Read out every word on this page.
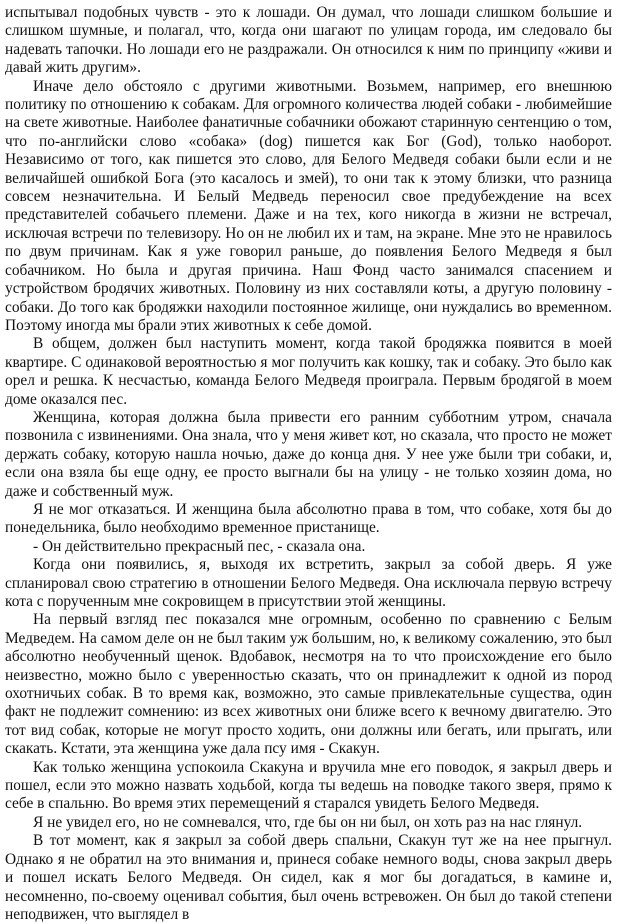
испытывал подобных чувств - это к лошади. Он думал, что лошади слишком большие и слишком шумные, и полагал, что, когда они шагают по улицам города, им следовало бы надевать тапочки. Но лошади его не раздражали. Он относился к ним по принципу «живи и давай жить другим».

Иначе дело обстояло с другими животными. Возьмем, например, его внешнюю политику по отношению к собакам. Для огромного количества людей собаки - любимейшие на свете животные. Наиболее фанатичные собачники обожают старинную сентенцию о том, что по-английски слово «собака» (dog) пишется как Бог (God), только наоборот. Независимо от того, как пишется это слово, для Белого Медведя собаки были если и не величайшей ошибкой Бога (это касалось и змей), то они так к этому близки, что разница совсем незначительна. И Белый Медведь переносил свое предубеждение на всех представителей собачьего племени. Даже и на тех, кого никогда в жизни не встречал, исключая встречи по телевизору. Но он не любил их и там, на экране. Мне это не нравилось по двум причинам. Как я уже говорил раньше, до появления Белого Медведя я был собачником. Но была и другая причина. Наш Фонд часто занимался спасением и устройством бродячих животных. Половину из них составляли коты, а другую половину - собаки. До того как бродяжки находили постоянное жилище, они нуждались во временном. Поэтому иногда мы брали этих животных к себе домой.

В общем, должен был наступить момент, когда такой бродяжка появится в моей квартире. С одинаковой вероятностью я мог получить как кошку, так и собаку. Это было как орел и решка. К несчастью, команда Белого Медведя проиграла. Первым бродягой в моем доме оказался пес.

Женщина, которая должна была привести его ранним субботним утром, сначала позвонила с извинениями. Она знала, что у меня живет кот, но сказала, что просто не может держать собаку, которую нашла ночью, даже до конца дня. У нее уже были три собаки, и, если она взяла бы еще одну, ее просто выгнали бы на улицу - не только хозяин дома, но даже и собственный муж.

Я не мог отказаться. И женщина была абсолютно права в том, что собаке, хотя бы до понедельника, было необходимо временное пристанище.

- Он действительно прекрасный пес, - сказала она.

Когда они появились, я, выходя их встретить, закрыл за собой дверь. Я уже спланировал свою стратегию в отношении Белого Медведя. Она исключала первую встречу кота с порученным мне сокровищем в присутствии этой женщины.

На первый взгляд пес показался мне огромным, особенно по сравнению с Белым Медведем. На самом деле он не был таким уж большим, но, к великому сожалению, это был абсолютно необученный щенок. Вдобавок, несмотря на то что происхождение его было неизвестно, можно было с уверенностью сказать, что он принадлежит к одной из пород охотничьих собак. В то время как, возможно, это самые привлекательные существа, один факт не подлежит сомнению: из всех животных они ближе всего к вечному двигателю. Это тот вид собак, которые не могут просто ходить, они должны или бегать, или прыгать, или скакать. Кстати, эта женщина уже дала псу имя - Скакун.

Как только женщина успокоила Скакуна и вручила мне его поводок, я закрыл дверь и пошел, если это можно назвать ходьбой, когда ты ведешь на поводке такого зверя, прямо к себе в спальню. Во время этих перемещений я старался увидеть Белого Медведя.

Я не увидел его, но не сомневался, что, где бы он ни был, он хоть раз на нас глянул.

В тот момент, как я закрыл за собой дверь спальни, Скакун тут же на нее прыгнул. Однако я не обратил на это внимания и, принеся собаке немного воды, снова закрыл дверь и пошел искать Белого Медведя. Он сидел, как я мог бы догадаться, в камине и, несомненно, по-своему оценивал события, был очень встревожен. Он был до такой степени неподвижен, что выглядел в
